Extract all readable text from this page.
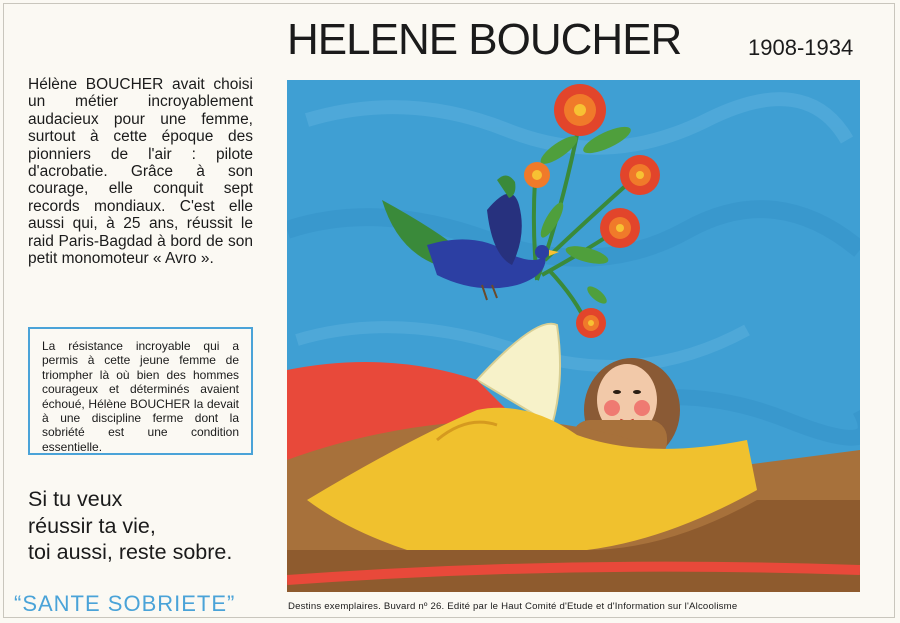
HELENE BOUCHER	1908-1934

Hélène BOUCHER avait choisi un métier incroyablement audacieux pour une femme, surtout à cette époque des pionniers de l'air : pilote d'acrobatie. Grâce à son courage, elle conquit sept records mondiaux. C'est elle aussi qui, à 25 ans, réussit le raid Paris-Bagdad à bord de son petit monomoteur « Avro ».

La résistance incroyable qui a permis à cette jeune femme de triompher là où bien des hommes courageux et déterminés avaient échoué, Hélène BOUCHER la devait à une discipline ferme dont la sobriété est une condition essentielle.

Si tu veux
réussir ta vie,
toi aussi, reste sobre.
“SANTE SOBRIETE”	Destins exemplaires. Buvard nº 26. Edité par le Haut Comité d'Etude et d'Information sur l'Alcoolisme
